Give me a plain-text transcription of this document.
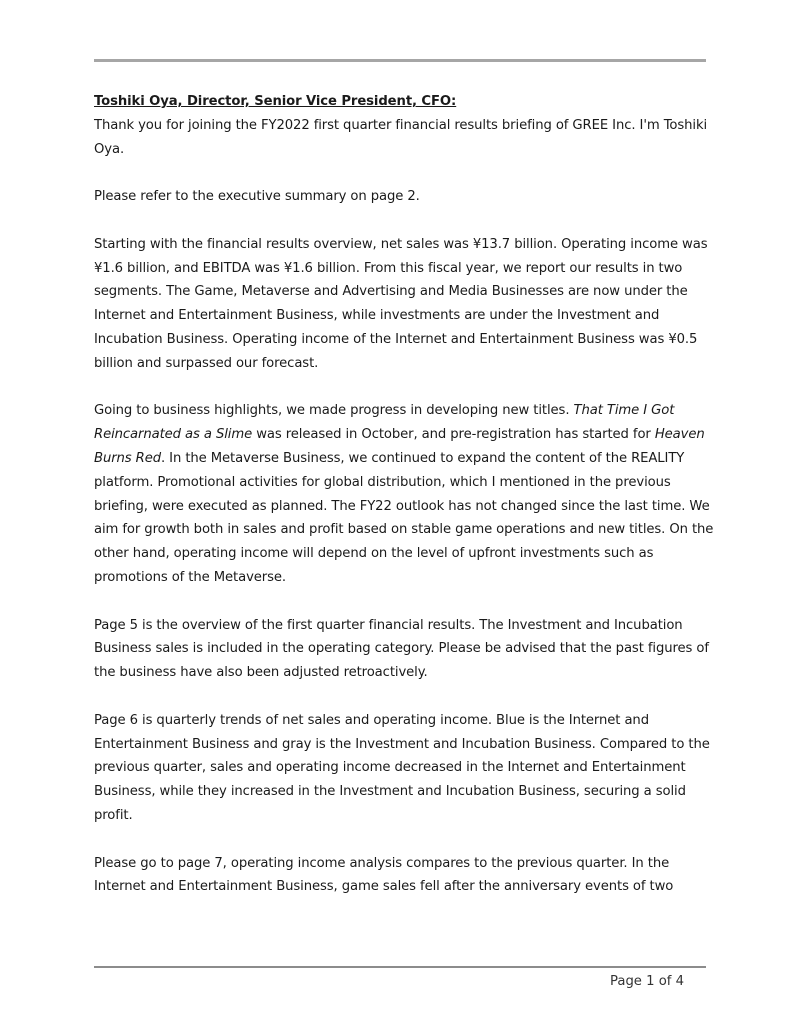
Toshiki Oya, Director, Senior Vice President, CFO:

Thank you for joining the FY2022 first quarter financial results briefing of GREE Inc. I'm Toshiki Oya.

Please refer to the executive summary on page 2.

Starting with the financial results overview, net sales was ¥13.7 billion. Operating income was ¥1.6 billion, and EBITDA was ¥1.6 billion. From this fiscal year, we report our results in two segments. The Game, Metaverse and Advertising and Media Businesses are now under the Internet and Entertainment Business, while investments are under the Investment and Incubation Business. Operating income of the Internet and Entertainment Business was ¥0.5 billion and surpassed our forecast.

Going to business highlights, we made progress in developing new titles. That Time I Got Reincarnated as a Slime was released in October, and pre-registration has started for Heaven Burns Red. In the Metaverse Business, we continued to expand the content of the REALITY platform. Promotional activities for global distribution, which I mentioned in the previous briefing, were executed as planned. The FY22 outlook has not changed since the last time. We aim for growth both in sales and profit based on stable game operations and new titles. On the other hand, operating income will depend on the level of upfront investments such as promotions of the Metaverse.

Page 5 is the overview of the first quarter financial results. The Investment and Incubation Business sales is included in the operating category. Please be advised that the past figures of the business have also been adjusted retroactively.

Page 6 is quarterly trends of net sales and operating income. Blue is the Internet and Entertainment Business and gray is the Investment and Incubation Business. Compared to the previous quarter, sales and operating income decreased in the Internet and Entertainment Business, while they increased in the Investment and Incubation Business, securing a solid profit.

Please go to page 7, operating income analysis compares to the previous quarter. In the Internet and Entertainment Business, game sales fell after the anniversary events of two

Page 1 of 4
